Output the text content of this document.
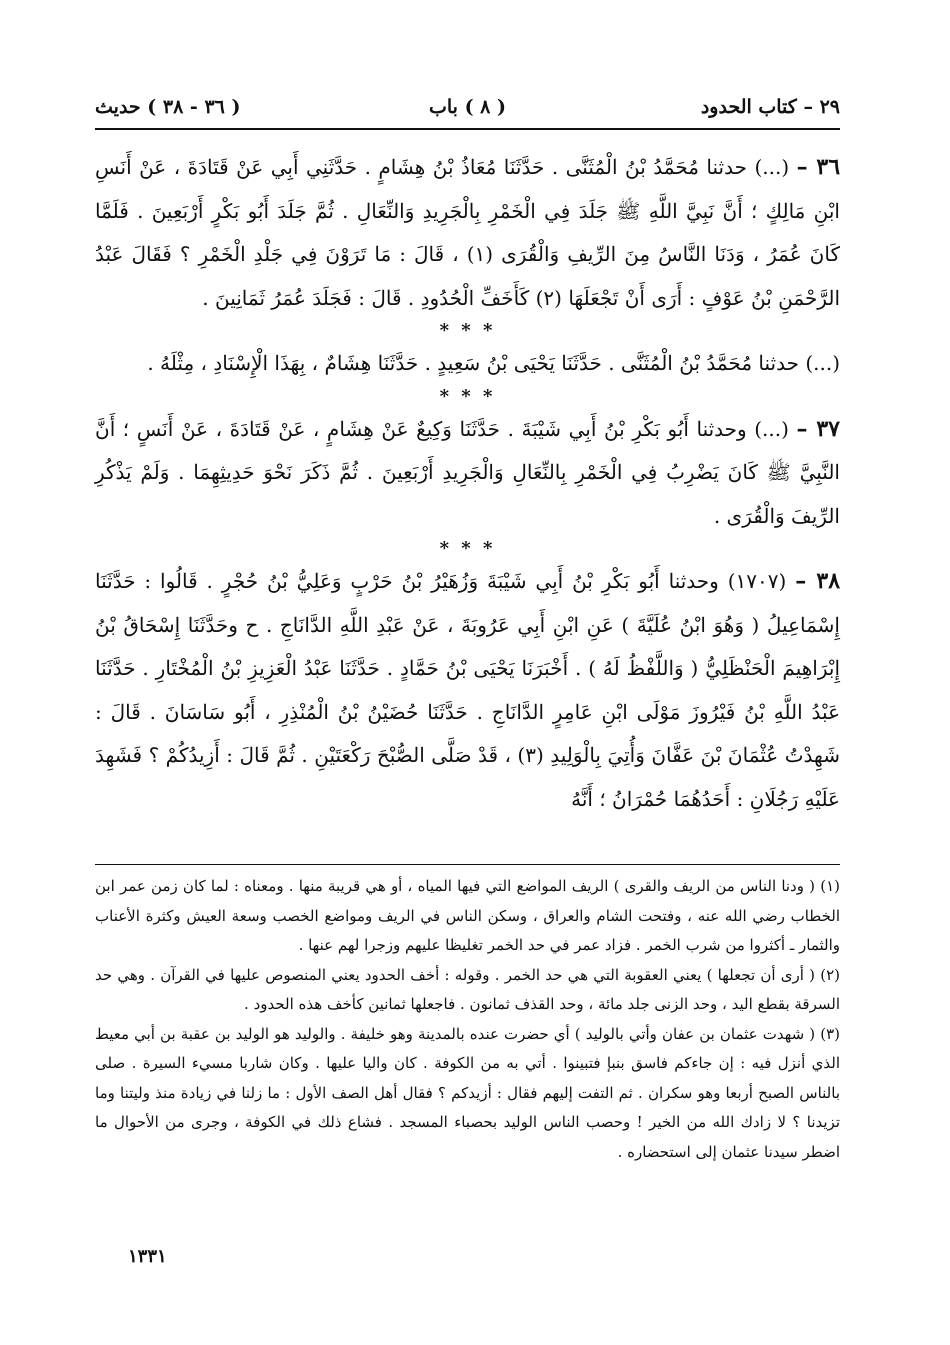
٢٩ – كتاب الحدود
( ٨ ) باب
( ٣٦ - ٣٨ ) حديث

٣٦ – (...) حدثنا مُحَمَّدُ بْنُ الْمُثَنَّى . حَدَّثَنَا مُعَاذُ بْنُ هِشَامٍ . حَدَّثَنِي أَبِي عَنْ قَتَادَةَ ، عَنْ أَنَسِ ابْنِ مَالِكٍ ؛ أَنَّ نَبِيَّ اللَّهِ ﷺ جَلَدَ فِي الْخَمْرِ بِالْجَرِيدِ وَالنِّعَالِ . ثُمَّ جَلَدَ أَبُو بَكْرٍ أَرْبَعِينَ . فَلَمَّا كَانَ عُمَرُ ، وَدَنَا النَّاسُ مِنَ الرِّيفِ وَالْقُرَى (١) ، قَالَ : مَا تَرَوْنَ فِي جَلْدِ الْخَمْرِ ؟ فَقَالَ عَبْدُ الرَّحْمَنِ بْنُ عَوْفٍ : أَرَى أَنْ تَجْعَلَهَا (٢) كَأَخَفِّ الْحُدُودِ . قَالَ : فَجَلَدَ عُمَرُ ثَمَانِينَ .

* * *

(...) حدثنا مُحَمَّدُ بْنُ الْمُثَنَّى . حَدَّثَنَا يَحْيَى بْنُ سَعِيدٍ . حَدَّثَنَا هِشَامٌ ، بِهَذَا الْإِسْنَادِ ، مِثْلَهُ .

* * *

٣٧ – (...) وحدثنا أَبُو بَكْرِ بْنُ أَبِي شَيْبَةَ . حَدَّثَنَا وَكِيعٌ عَنْ هِشَامٍ ، عَنْ قَتَادَةَ ، عَنْ أَنَسٍ ؛ أَنَّ النَّبِيَّ ﷺ كَانَ يَضْرِبُ فِي الْخَمْرِ بِالنِّعَالِ وَالْجَرِيدِ أَرْبَعِينَ . ثُمَّ ذَكَرَ نَحْوَ حَدِيثِهِمَا . وَلَمْ يَذْكُرِ الرِّيفَ وَالْقُرَى .

* * *

٣٨ – (١٧٠٧) وحدثنا أَبُو بَكْرِ بْنُ أَبِي شَيْبَةَ وَزُهَيْرُ بْنُ حَرْبٍ وَعَلِيُّ بْنُ حُجْرٍ . قَالُوا : حَدَّثَنَا إِسْمَاعِيلُ ( وَهُوَ ابْنُ عُلَيَّةَ ) عَنِ ابْنِ أَبِي عَرُوبَةَ ، عَنْ عَبْدِ اللَّهِ الدَّانَاجِ . ح وحَدَّثَنَا إِسْحَاقُ بْنُ إِبْرَاهِيمَ الْحَنْظَلِيُّ ( وَاللَّفْظُ لَهُ ) . أَخْبَرَنَا يَحْيَى بْنُ حَمَّادٍ . حَدَّثَنَا عَبْدُ الْعَزِيزِ بْنُ الْمُخْتَارِ . حَدَّثَنَا عَبْدُ اللَّهِ بْنُ فَيْرُوزَ مَوْلَى ابْنِ عَامِرٍ الدَّانَاجِ . حَدَّثَنَا حُضَيْنُ بْنُ الْمُنْذِرِ ، أَبُو سَاسَانَ . قَالَ : شَهِدْتُ عُثْمَانَ بْنَ عَفَّانَ وَأُتِيَ بِالْوَلِيدِ (٣) ، قَدْ صَلَّى الصُّبْحَ رَكْعَتَيْنِ . ثُمَّ قَالَ : أَزِيدُكُمْ ؟ فَشَهِدَ عَلَيْهِ رَجُلَانِ : أَحَدُهُمَا حُمْرَانُ ؛ أَنَّهُ

(١) ( ودنا الناس من الريف والقرى ) الريف المواضع التي فيها المياه ، أو هي قريبة منها . ومعناه : لما كان زمن عمر ابن الخطاب رضي الله عنه ، وفتحت الشام والعراق ، وسكن الناس في الريف ومواضع الخصب وسعة العيش وكثرة الأعناب والثمار ـ أكثروا من شرب الخمر . فزاد عمر في حد الخمر تغليظا عليهم وزجرا لهم عنها .

(٢) ( أرى أن تجعلها ) يعني العقوبة التي هي حد الخمر . وقوله : أخف الحدود يعني المنصوص عليها في القرآن . وهي حد السرقة بقطع اليد ، وحد الزنى جلد مائة ، وحد القذف ثمانون . فاجعلها ثمانين كأخف هذه الحدود .

(٣) ( شهدت عثمان بن عفان وأتي بالوليد ) أي حضرت عنده بالمدينة وهو خليفة . والوليد هو الوليد بن عقبة بن أبي معيط الذي أنزل فيه : إن جاءكم فاسق بنبإ فتبينوا . أتي به من الكوفة . كان واليا عليها . وكان شاربا مسيء السيرة . صلى بالناس الصبح أربعا وهو سكران . ثم التفت إليهم فقال : أزيدكم ؟ فقال أهل الصف الأول : ما زلنا في زيادة منذ وليتنا وما تزيدنا ؟ لا زادك الله من الخير ! وحصب الناس الوليد بحصباء المسجد . فشاع ذلك في الكوفة ، وجرى من الأحوال ما اضطر سيدنا عثمان إلى استحضاره .

١٣٣١
